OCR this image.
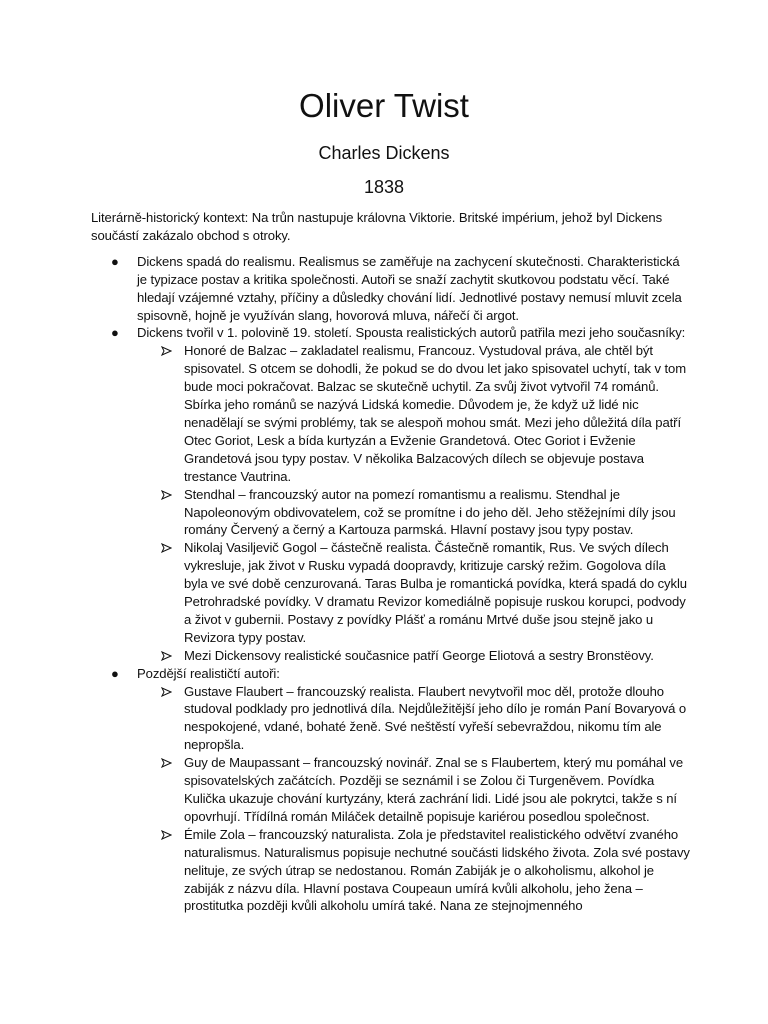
Oliver Twist
Charles Dickens
1838

Literárně-historický kontext: Na trůn nastupuje královna Viktorie. Britské impérium, jehož byl Dickens součástí zakázalo obchod s otroky.

● Dickens spadá do realismu. Realismus se zaměřuje na zachycení skutečnosti. Charakteristická je typizace postav a kritika společnosti. Autoři se snaží zachytit skutkovou podstatu věcí. Také hledají vzájemné vztahy, příčiny a důsledky chování lidí. Jednotlivé postavy nemusí mluvit zcela spisovně, hojně je využíván slang, hovorová mluva, nářečí či argot.
● Dickens tvořil v 1. polovině 19. století. Spousta realistických autorů patřila mezi jeho současníky:
Honoré de Balzac – zakladatel realismu, Francouz. Vystudoval práva, ale chtěl být spisovatel. S otcem se dohodli, že pokud se do dvou let jako spisovatel uchytí, tak v tom bude moci pokračovat. Balzac se skutečně uchytil. Za svůj život vytvořil 74 románů. Sbírka jeho románů se nazývá Lidská komedie. Důvodem je, že když už lidé nic nenadělají se svými problémy, tak se alespoň mohou smát. Mezi jeho důležitá díla patří Otec Goriot, Lesk a bída kurtyzán a Evženie Grandetová. Otec Goriot i Evženie Grandetová jsou typy postav. V několika Balzacových dílech se objevuje postava trestance Vautrina.
Stendhal – francouzský autor na pomezí romantismu a realismu. Stendhal je Napoleonovým obdivovatelem, což se promítne i do jeho děl. Jeho stěžejními díly jsou romány Červený a černý a Kartouza parmská. Hlavní postavy jsou typy postav.
Nikolaj Vasiljevič Gogol – částečně realista. Částečně romantik, Rus. Ve svých dílech vykresluje, jak život v Rusku vypadá doopravdy, kritizuje carský režim. Gogolova díla byla ve své době cenzurovaná. Taras Bulba je romantická povídka, která spadá do cyklu Petrohradské povídky. V dramatu Revizor komediálně popisuje ruskou korupci, podvody a život v gubernii. Postavy z povídky Plášť a románu Mrtvé duše jsou stejně jako u Revizora typy postav.
Mezi Dickensovy realistické současnice patří George Eliotová a sestry Bronstëovy.
● Pozdější realističtí autoři:
Gustave Flaubert – francouzský realista. Flaubert nevytvořil moc děl, protože dlouho studoval podklady pro jednotlivá díla. Nejdůležitější jeho dílo je román Paní Bovaryová o nespokojené, vdané, bohaté ženě. Své neštěstí vyřeší sebevraždou, nikomu tím ale nepropšla.
Guy de Maupassant – francouzský novinář. Znal se s Flaubertem, který mu pomáhal ve spisovatelských začátcích. Později se seznámil i se Zolou či Turgeněvem. Povídka Kulička ukazuje chování kurtyzány, která zachrání lidi. Lidé jsou ale pokrytci, takže s ní opovrhují. Třídílná román Miláček detailně popisuje kariérou posedlou společnost.
Émile Zola – francouzský naturalista. Zola je představitel realistického odvětví zvaného naturalismus. Naturalismus popisuje nechutné součásti lidského života. Zola své postavy nelituje, ze svých útrap se nedostanou. Román Zabiják je o alkoholismu, alkohol je zabiják z názvu díla. Hlavní postava Coupeaun umírá kvůli alkoholu, jeho žena – prostitutka později kvůli alkoholu umírá také. Nana ze stejnojmenného
